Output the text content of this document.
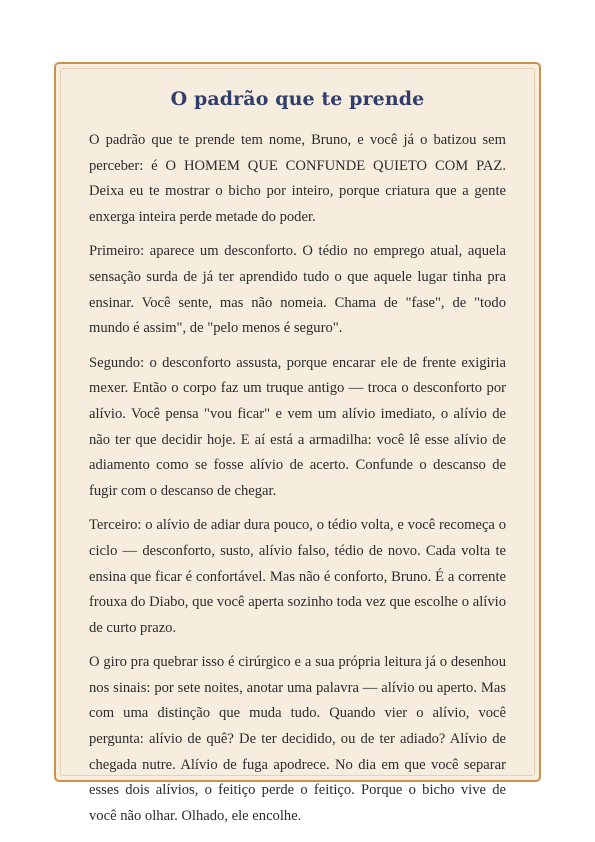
O padrão que te prende

O padrão que te prende tem nome, Bruno, e você já o batizou sem perceber: é O HOMEM QUE CONFUNDE QUIETO COM PAZ. Deixa eu te mostrar o bicho por inteiro, porque criatura que a gente enxerga inteira perde metade do poder.

Primeiro: aparece um desconforto. O tédio no emprego atual, aquela sensação surda de já ter aprendido tudo o que aquele lugar tinha pra ensinar. Você sente, mas não nomeia. Chama de "fase", de "todo mundo é assim", de "pelo menos é seguro".

Segundo: o desconforto assusta, porque encarar ele de frente exigiria mexer. Então o corpo faz um truque antigo — troca o desconforto por alívio. Você pensa "vou ficar" e vem um alívio imediato, o alívio de não ter que decidir hoje. E aí está a armadilha: você lê esse alívio de adiamento como se fosse alívio de acerto. Confunde o descanso de fugir com o descanso de chegar.

Terceiro: o alívio de adiar dura pouco, o tédio volta, e você recomeça o ciclo — desconforto, susto, alívio falso, tédio de novo. Cada volta te ensina que ficar é confortável. Mas não é conforto, Bruno. É a corrente frouxa do Diabo, que você aperta sozinho toda vez que escolhe o alívio de curto prazo.

O giro pra quebrar isso é cirúrgico e a sua própria leitura já o desenhou nos sinais: por sete noites, anotar uma palavra — alívio ou aperto. Mas com uma distinção que muda tudo. Quando vier o alívio, você pergunta: alívio de quê? De ter decidido, ou de ter adiado? Alívio de chegada nutre. Alívio de fuga apodrece. No dia em que você separar esses dois alívios, o feitiço perde o feitiço. Porque o bicho vive de você não olhar. Olhado, ele encolhe.
